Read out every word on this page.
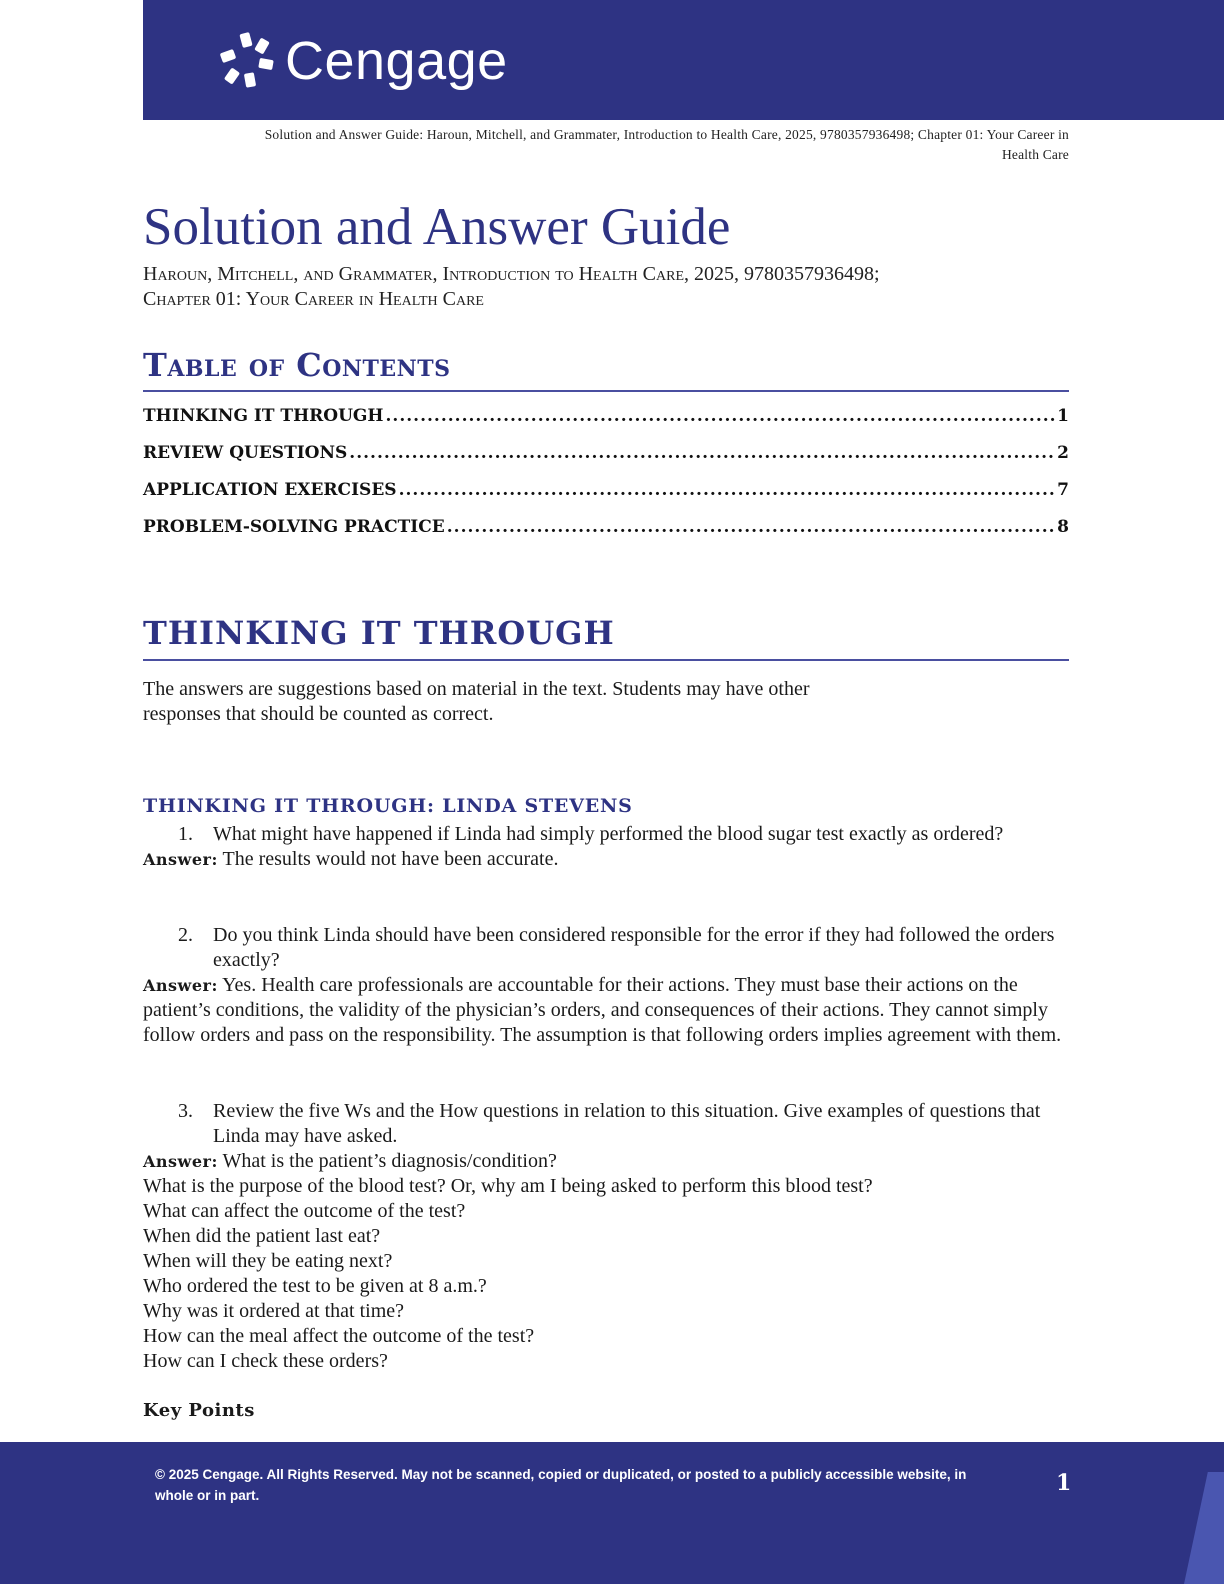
Cengage
Solution and Answer Guide: Haroun, Mitchell, and Grammater, Introduction to Health Care, 2025, 9780357936498; Chapter 01: Your Career in
Health Care
Solution and Answer Guide
Haroun, Mitchell, and Grammater, Introduction to Health Care, 2025, 9780357936498;
Chapter 01: Your Career in Health Care
Table of Contents
THINKING IT THROUGH .....	1
REVIEW QUESTIONS .....	2
APPLICATION EXERCISES .....	7
PROBLEM-SOLVING PRACTICE .....	8
THINKING IT THROUGH
The answers are suggestions based on material in the text. Students may have other
responses that should be counted as correct.
THINKING IT THROUGH: LINDA STEVENS
1.	What might have happened if Linda had simply performed the blood sugar test exactly as ordered?

Answer: The results would not have been accurate.

2.	Do you think Linda should have been considered responsible for the error if they had followed the orders exactly?

Answer: Yes. Health care professionals are accountable for their actions. They must base their actions on the patient’s conditions, the validity of the physician’s orders, and consequences of their actions. They cannot simply follow orders and pass on the responsibility. The assumption is that following orders implies agreement with them.

3.	Review the five Ws and the How questions in relation to this situation. Give examples of questions that Linda may have asked.

Answer: What is the patient’s diagnosis/condition?

What is the purpose of the blood test? Or, why am I being asked to perform this blood test?

What can affect the outcome of the test?

When did the patient last eat?

When will they be eating next?

Who ordered the test to be given at 8 a.m.?

Why was it ordered at that time?

How can the meal affect the outcome of the test?

How can I check these orders?

Key Points
© 2025 Cengage. All Rights Reserved. May not be scanned, copied or duplicated, or posted to a publicly accessible website, in
whole or in part.	1
